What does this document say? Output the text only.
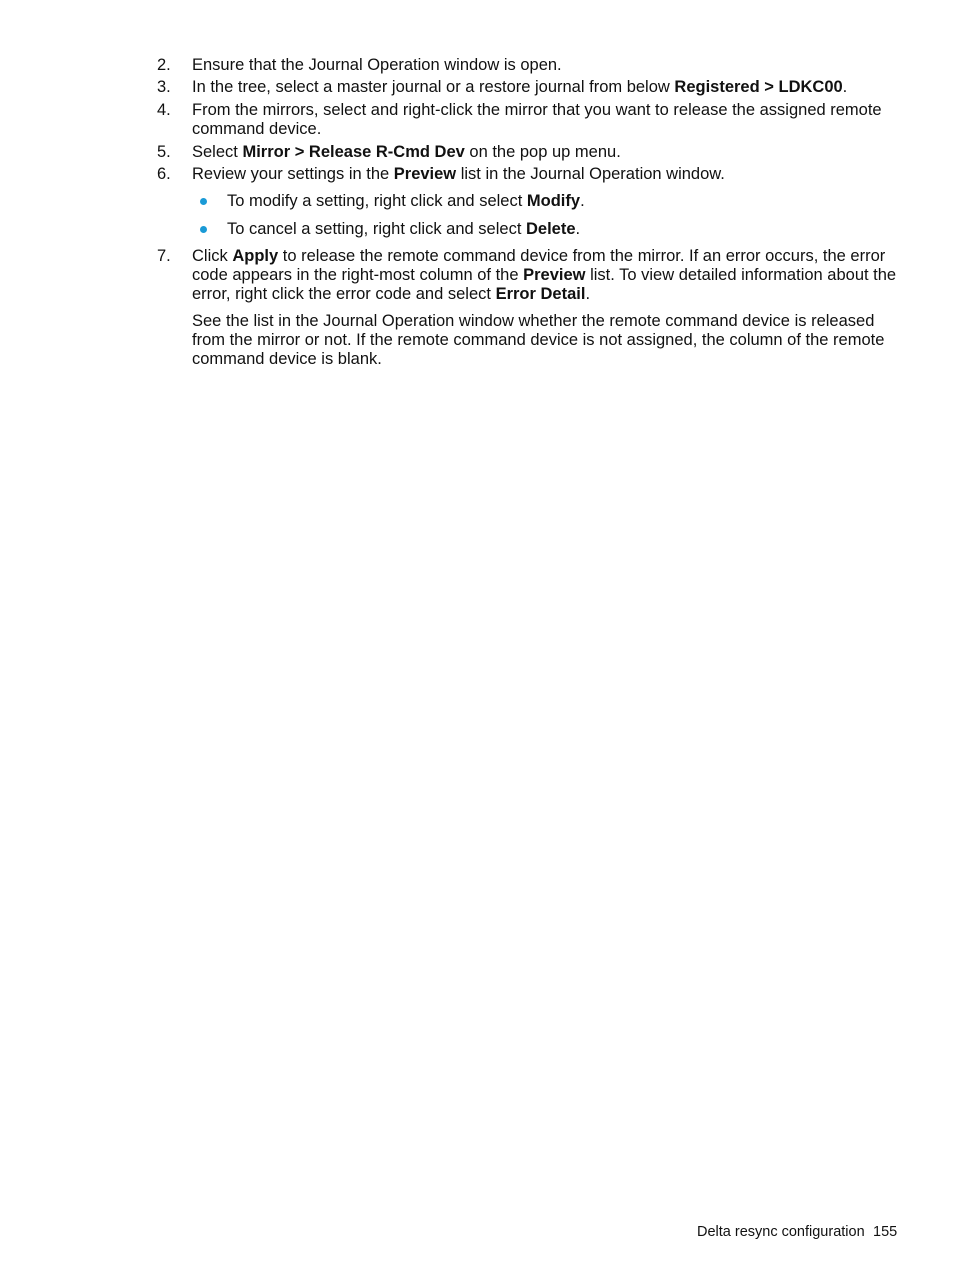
2.	Ensure that the Journal Operation window is open.
3.	In the tree, select a master journal or a restore journal from below Registered > LDKC00.
4.	From the mirrors, select and right-click the mirror that you want to release the assigned remote command device.
5.	Select Mirror > Release R-Cmd Dev on the pop up menu.
6.	Review your settings in the Preview list in the Journal Operation window.
To modify a setting, right click and select Modify.
To cancel a setting, right click and select Delete.
7.	Click Apply to release the remote command device from the mirror. If an error occurs, the error code appears in the right-most column of the Preview list. To view detailed information about the error, right click the error code and select Error Detail.
See the list in the Journal Operation window whether the remote command device is released from the mirror or not. If the remote command device is not assigned, the column of the remote command device is blank.
Delta resync configuration 155
